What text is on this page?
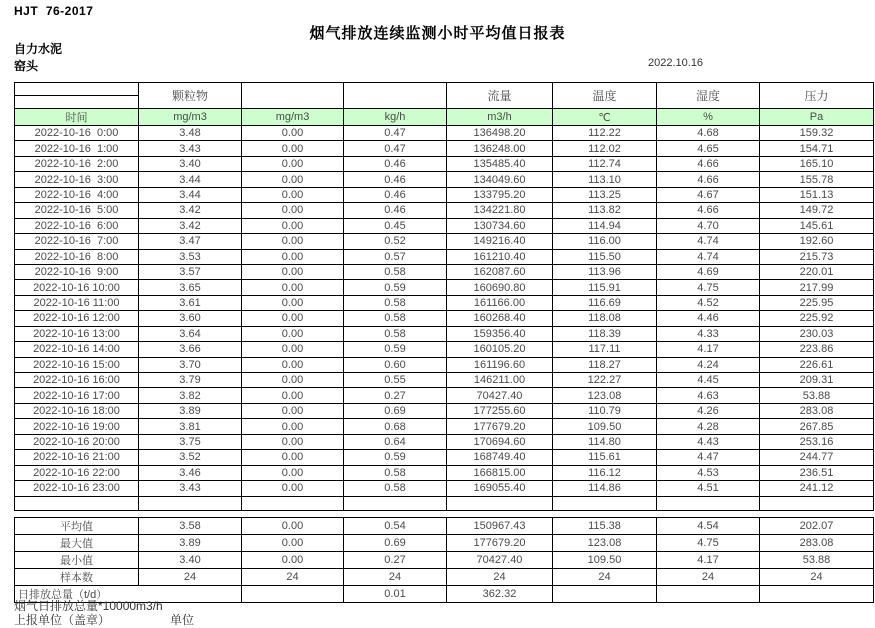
HJT  76-2017
烟气排放连续监测小时平均值日报表
自力水泥
窑头	2022.10.16
	颗粒物			流量	温度	湿度	压力

时间	mg/m3	mg/m3	kg/h	m3/h	℃	%	Pa
2022-10-16  0:00	3.48	0.00	0.47	136498.20	112.22	4.68	159.32
2022-10-16  1:00	3.43	0.00	0.47	136248.00	112.02	4.65	154.71
2022-10-16  2:00	3.40	0.00	0.46	135485.40	112.74	4.66	165.10
2022-10-16  3:00	3.44	0.00	0.46	134049.60	113.10	4.66	155.78
2022-10-16  4:00	3.44	0.00	0.46	133795.20	113.25	4.67	151.13
2022-10-16  5:00	3.42	0.00	0.46	134221.80	113.82	4.66	149.72
2022-10-16  6:00	3.42	0.00	0.45	130734.60	114.94	4.70	145.61
2022-10-16  7:00	3.47	0.00	0.52	149216.40	116.00	4.74	192.60
2022-10-16  8:00	3.53	0.00	0.57	161210.40	115.50	4.74	215.73
2022-10-16  9:00	3.57	0.00	0.58	162087.60	113.96	4.69	220.01
2022-10-16 10:00	3.65	0.00	0.59	160690.80	115.91	4.75	217.99
2022-10-16 11:00	3.61	0.00	0.58	161166.00	116.69	4.52	225.95
2022-10-16 12:00	3.60	0.00	0.58	160268.40	118.08	4.46	225.92
2022-10-16 13:00	3.64	0.00	0.58	159356.40	118.39	4.33	230.03
2022-10-16 14:00	3.66	0.00	0.59	160105.20	117.11	4.17	223.86
2022-10-16 15:00	3.70	0.00	0.60	161196.60	118.27	4.24	226.61
2022-10-16 16:00	3.79	0.00	0.55	146211.00	122.27	4.45	209.31
2022-10-16 17:00	3.82	0.00	0.27	70427.40	123.08	4.63	53.88
2022-10-16 18:00	3.89	0.00	0.69	177255.60	110.79	4.26	283.08
2022-10-16 19:00	3.81	0.00	0.68	177679.20	109.50	4.28	267.85
2022-10-16 20:00	3.75	0.00	0.64	170694.60	114.80	4.43	253.16
2022-10-16 21:00	3.52	0.00	0.59	168749.40	115.61	4.47	244.77
2022-10-16 22:00	3.46	0.00	0.58	166815.00	116.12	4.53	236.51
2022-10-16 23:00	3.43	0.00	0.58	169055.40	114.86	4.51	241.12

平均值	3.58	0.00	0.54	150967.43	115.38	4.54	202.07
最大值	3.89	0.00	0.69	177679.20	123.08	4.75	283.08
最小值	3.40	0.00	0.27	70427.40	109.50	4.17	53.88
样本数	24	24	24	24	24	24	24
日排放总量（t/d）			0.01	362.32			
烟气日排放总量*10000m3/h
上报单位（盖章）	单位
